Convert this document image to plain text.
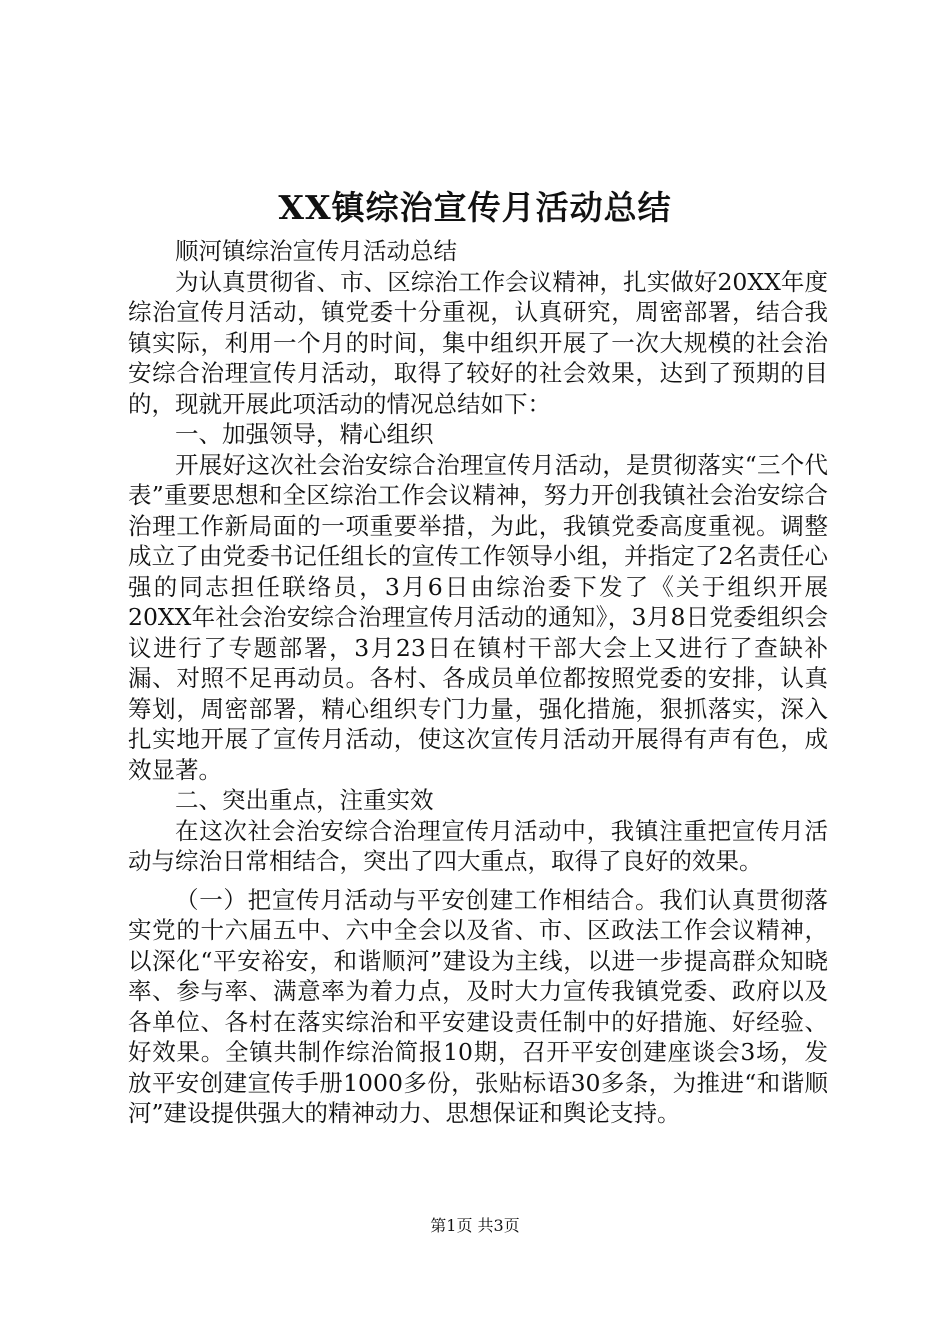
XX镇综治宣传月活动总结

顺河镇综治宣传月活动总结

为认真贯彻省、市、区综治工作会议精神，扎实做好20XX年度综治宣传月活动，镇党委十分重视，认真研究，周密部署，结合我镇实际，利用一个月的时间，集中组织开展了一次大规模的社会治安综合治理宣传月活动，取得了较好的社会效果，达到了预期的目的，现就开展此项活动的情况总结如下：

一、加强领导，精心组织

开展好这次社会治安综合治理宣传月活动，是贯彻落实“三个代表”重要思想和全区综治工作会议精神，努力开创我镇社会治安综合治理工作新局面的一项重要举措，为此，我镇党委高度重视。调整成立了由党委书记任组长的宣传工作领导小组，并指定了2名责任心强的同志担任联络员，3月6日由综治委下发了《关于组织开展20XX年社会治安综合治理宣传月活动的通知》，3月8日党委组织会议进行了专题部署，3月23日在镇村干部大会上又进行了查缺补漏、对照不足再动员。各村、各成员单位都按照党委的安排，认真筹划，周密部署，精心组织专门力量，强化措施，狠抓落实，深入扎实地开展了宣传月活动，使这次宣传月活动开展得有声有色，成效显著。

二、突出重点，注重实效

在这次社会治安综合治理宣传月活动中，我镇注重把宣传月活动与综治日常相结合，突出了四大重点，取得了良好的效果。

（一）把宣传月活动与平安创建工作相结合。我们认真贯彻落实党的十六届五中、六中全会以及省、市、区政法工作会议精神，以深化“平安裕安，和谐顺河”建设为主线，以进一步提高群众知晓率、参与率、满意率为着力点，及时大力宣传我镇党委、政府以及各单位、各村在落实综治和平安建设责任制中的好措施、好经验、好效果。全镇共制作综治简报10期，召开平安创建座谈会3场，发放平安创建宣传手册1000多份，张贴标语30多条，为推进“和谐顺河”建设提供强大的精神动力、思想保证和舆论支持。

第1页 共3页
